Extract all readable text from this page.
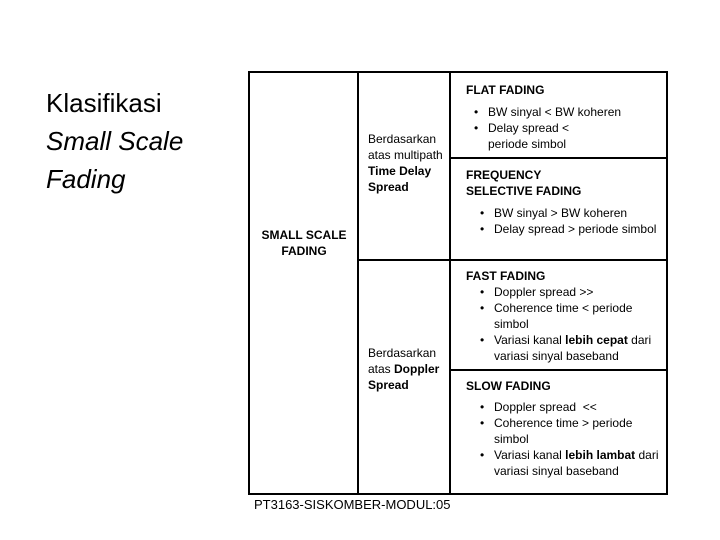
Klasifikasi
Small Scale
Fading
SMALL SCALE
FADING
Berdasarkan
atas multipath
Time Delay
Spread
Berdasarkan
atas Doppler
Spread
FLAT FADING
• BW sinyal < BW koheren
• Delay spread < periode simbol
FREQUENCY
SELECTIVE FADING
• BW sinyal > BW koheren
• Delay spread > periode simbol
FAST FADING
• Doppler spread >>
• Coherence time < periode simbol
• Variasi kanal lebih cepat dari variasi sinyal baseband
SLOW FADING
• Doppler spread  <<
• Coherence time > periode simbol
• Variasi kanal lebih lambat dari variasi sinyal baseband
PT3163-SISKOMBER-MODUL:05
